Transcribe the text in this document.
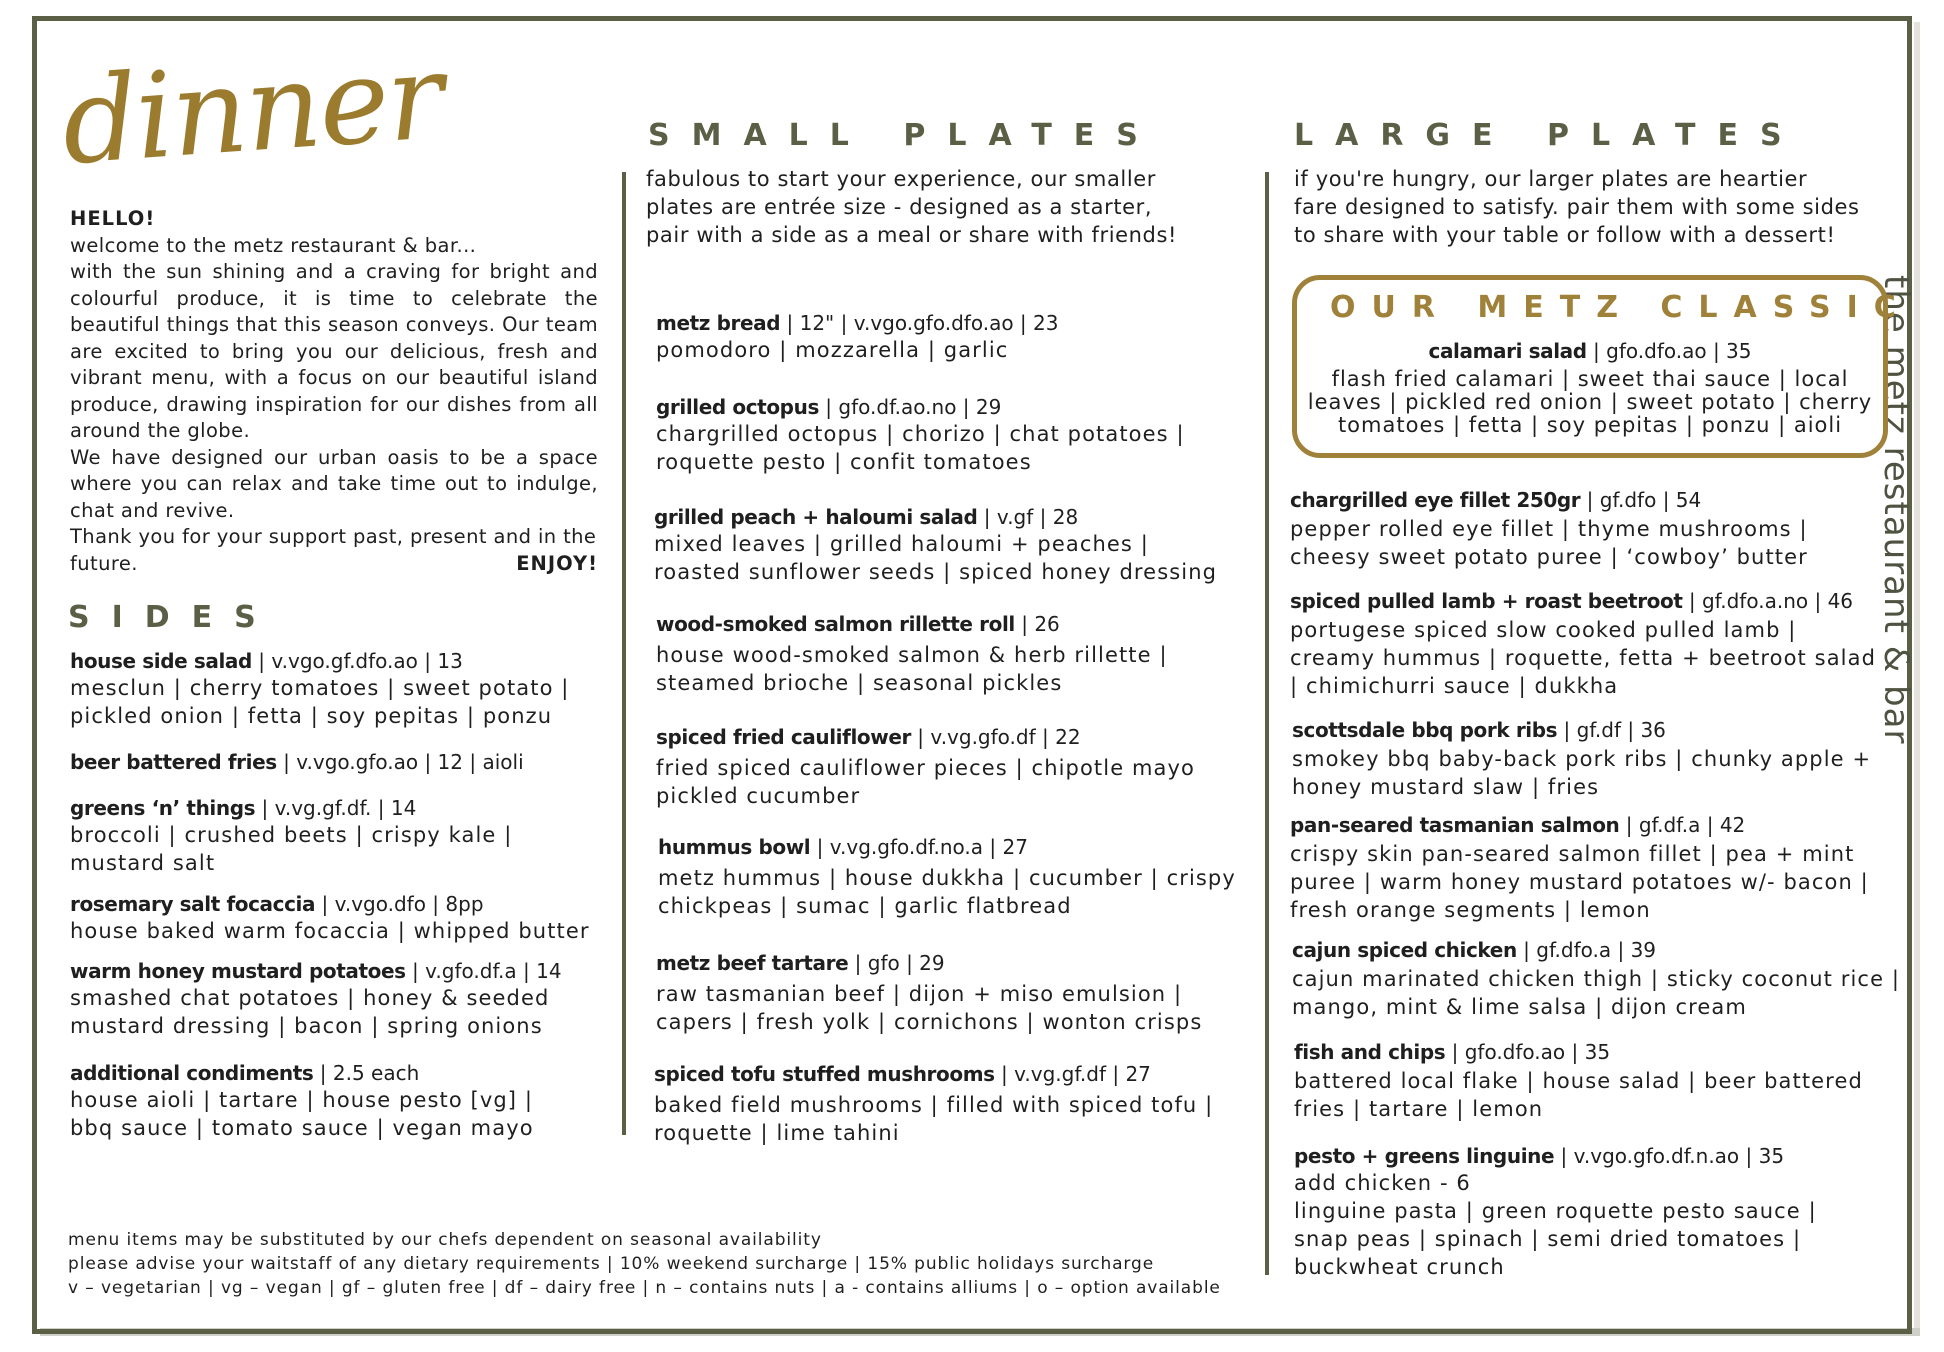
dinner
the metz restaurant & bar

HELLO!

welcome to the metz restaurant & bar...

with the sun shining and a craving for bright and colourful produce, it is time to celebrate the beautiful things that this season conveys. Our team are excited to bring you our delicious, fresh and vibrant menu, with a focus on our beautiful island produce, drawing inspiration for our dishes from all around the globe.

We have designed our urban oasis to be a space where you can relax and take time out to indulge, chat and revive.

Thank you for your support past, present and in the future.	ENJOY!
SIDES
house side salad | v.vgo.gf.dfo.ao | 13
mesclun | cherry tomatoes | sweet potato |
pickled onion | fetta | soy pepitas | ponzu
beer battered fries | v.vgo.gfo.ao | 12 | aioli
greens ‘n’ things | v.vg.gf.df. | 14
broccoli | crushed beets | crispy kale |
mustard salt
rosemary salt focaccia | v.vgo.dfo | 8pp
house baked warm focaccia | whipped butter
warm honey mustard potatoes | v.gfo.df.a | 14
smashed chat potatoes | honey & seeded
mustard dressing | bacon | spring onions
additional condiments | 2.5 each
house aioli | tartare | house pesto [vg] |
bbq sauce | tomato sauce | vegan mayo
SMALL PLATES
fabulous to start your experience, our smaller
plates are entrée size - designed as a starter,
pair with a side as a meal or share with friends!
metz bread | 12" | v.vgo.gfo.dfo.ao | 23
pomodoro | mozzarella | garlic
grilled octopus | gfo.df.ao.no | 29
chargrilled octopus | chorizo | chat potatoes |
roquette pesto | confit tomatoes
grilled peach + haloumi salad | v.gf | 28
mixed leaves | grilled haloumi + peaches |
roasted sunflower seeds | spiced honey dressing
wood-smoked salmon rillette roll | 26
house wood-smoked salmon & herb rillette |
steamed brioche | seasonal pickles
spiced fried cauliflower | v.vg.gfo.df | 22
fried spiced cauliflower pieces | chipotle mayo
pickled cucumber
hummus bowl | v.vg.gfo.df.no.a | 27
metz hummus | house dukkha | cucumber | crispy
chickpeas | sumac | garlic flatbread
metz beef tartare | gfo | 29
raw tasmanian beef | dijon + miso emulsion |
capers | fresh yolk | cornichons | wonton crisps
spiced tofu stuffed mushrooms | v.vg.gf.df | 27
baked field mushrooms | filled with spiced tofu |
roquette | lime tahini
LARGE PLATES
if you're hungry, our larger plates are heartier
fare designed to satisfy. pair them with some sides
to share with your table or follow with a dessert!
OUR METZ CLASSIC
calamari salad | gfo.dfo.ao | 35
flash fried calamari | sweet thai sauce | local
leaves | pickled red onion | sweet potato | cherry
tomatoes | fetta | soy pepitas | ponzu | aioli
chargrilled eye fillet 250gr | gf.dfo | 54
pepper rolled eye fillet | thyme mushrooms |
cheesy sweet potato puree | ‘cowboy’ butter
spiced pulled lamb + roast beetroot | gf.dfo.a.no | 46
portugese spiced slow cooked pulled lamb |
creamy hummus | roquette, fetta + beetroot salad
| chimichurri sauce | dukkha
scottsdale bbq pork ribs | gf.df | 36
smokey bbq baby-back pork ribs | chunky apple +
honey mustard slaw | fries
pan-seared tasmanian salmon | gf.df.a | 42
crispy skin pan-seared salmon fillet | pea + mint
puree | warm honey mustard potatoes w/- bacon |
fresh orange segments | lemon
cajun spiced chicken | gf.dfo.a | 39
cajun marinated chicken thigh | sticky coconut rice |
mango, mint & lime salsa | dijon cream
fish and chips | gfo.dfo.ao | 35
battered local flake | house salad | beer battered
fries | tartare | lemon
pesto + greens linguine | v.vgo.gfo.df.n.ao | 35
add chicken - 6
linguine pasta | green roquette pesto sauce |
snap peas | spinach | semi dried tomatoes |
buckwheat crunch
menu items may be substituted by our chefs dependent on seasonal availability
please advise your waitstaff of any dietary requirements | 10% weekend surcharge | 15% public holidays surcharge
v – vegetarian | vg – vegan | gf – gluten free | df – dairy free | n – contains nuts | a - contains alliums | o – option available
